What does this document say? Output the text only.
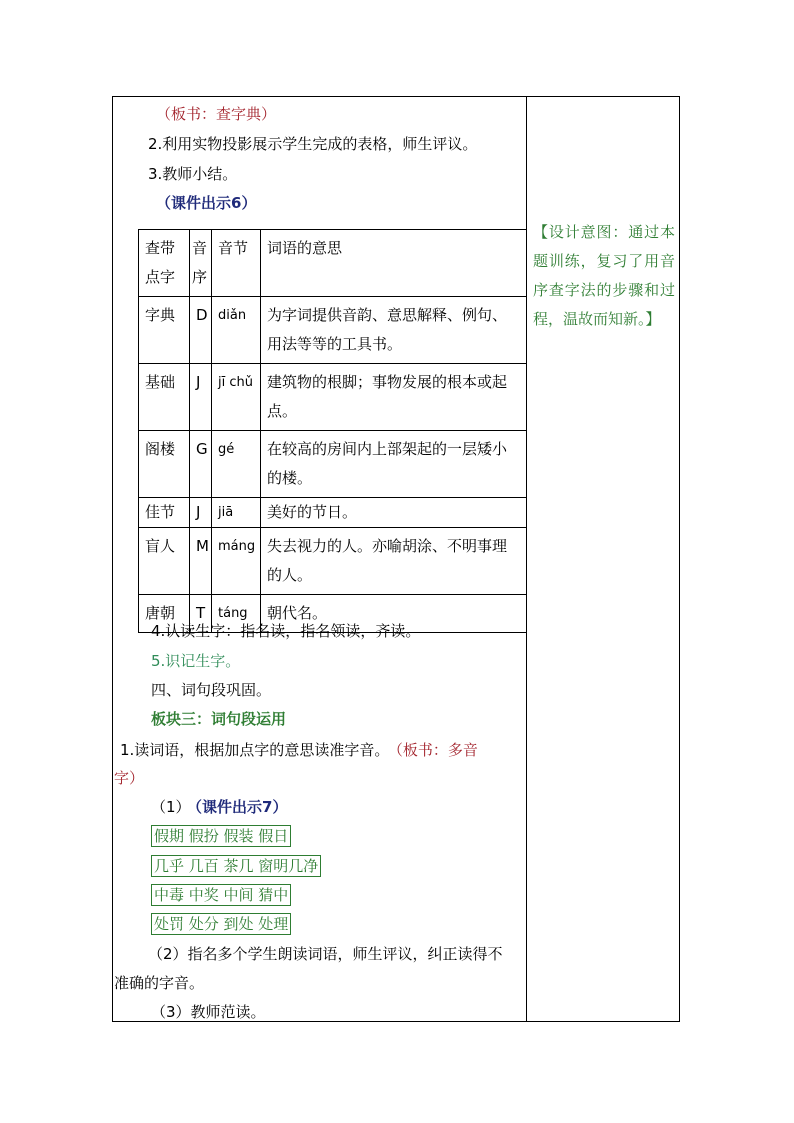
（板书：查字典）
2.利用实物投影展示学生完成的表格，师生评议。
3.教师小结。
（课件出示6）
查带点字	音序	音节	词语的意思
字典	D	diǎn	为字词提供音韵、意思解释、例句、用法等等的工具书。
基础	J	jī chǔ	建筑物的根脚；事物发展的根本或起点。
阁楼	G	gé	在较高的房间内上部架起的一层矮小的楼。
佳节	J	jiā	美好的节日。
盲人	M	máng	失去视力的人。亦喻胡涂、不明事理的人。
唐朝	T	táng	朝代名。
4.认读生字：指名读，指名领读，齐读。
5.识记生字。
四、词句段巩固。
板块三：词句段运用
1.读词语，根据加点字的意思读准字音。 （板书：多音
字）
（1） （课件出示7）
假期 假扮 假装 假日
几乎 几百 茶几 窗明几净
中毒 中奖 中间 猜中
处罚 处分 到处 处理
（2）指名多个学生朗读词语，师生评议，纠正读得不
准确的字音。
（3）教师范读。
【设计意图：通过本题训练，复习了用音序查字法的步骤和过程，温故而知新。】
